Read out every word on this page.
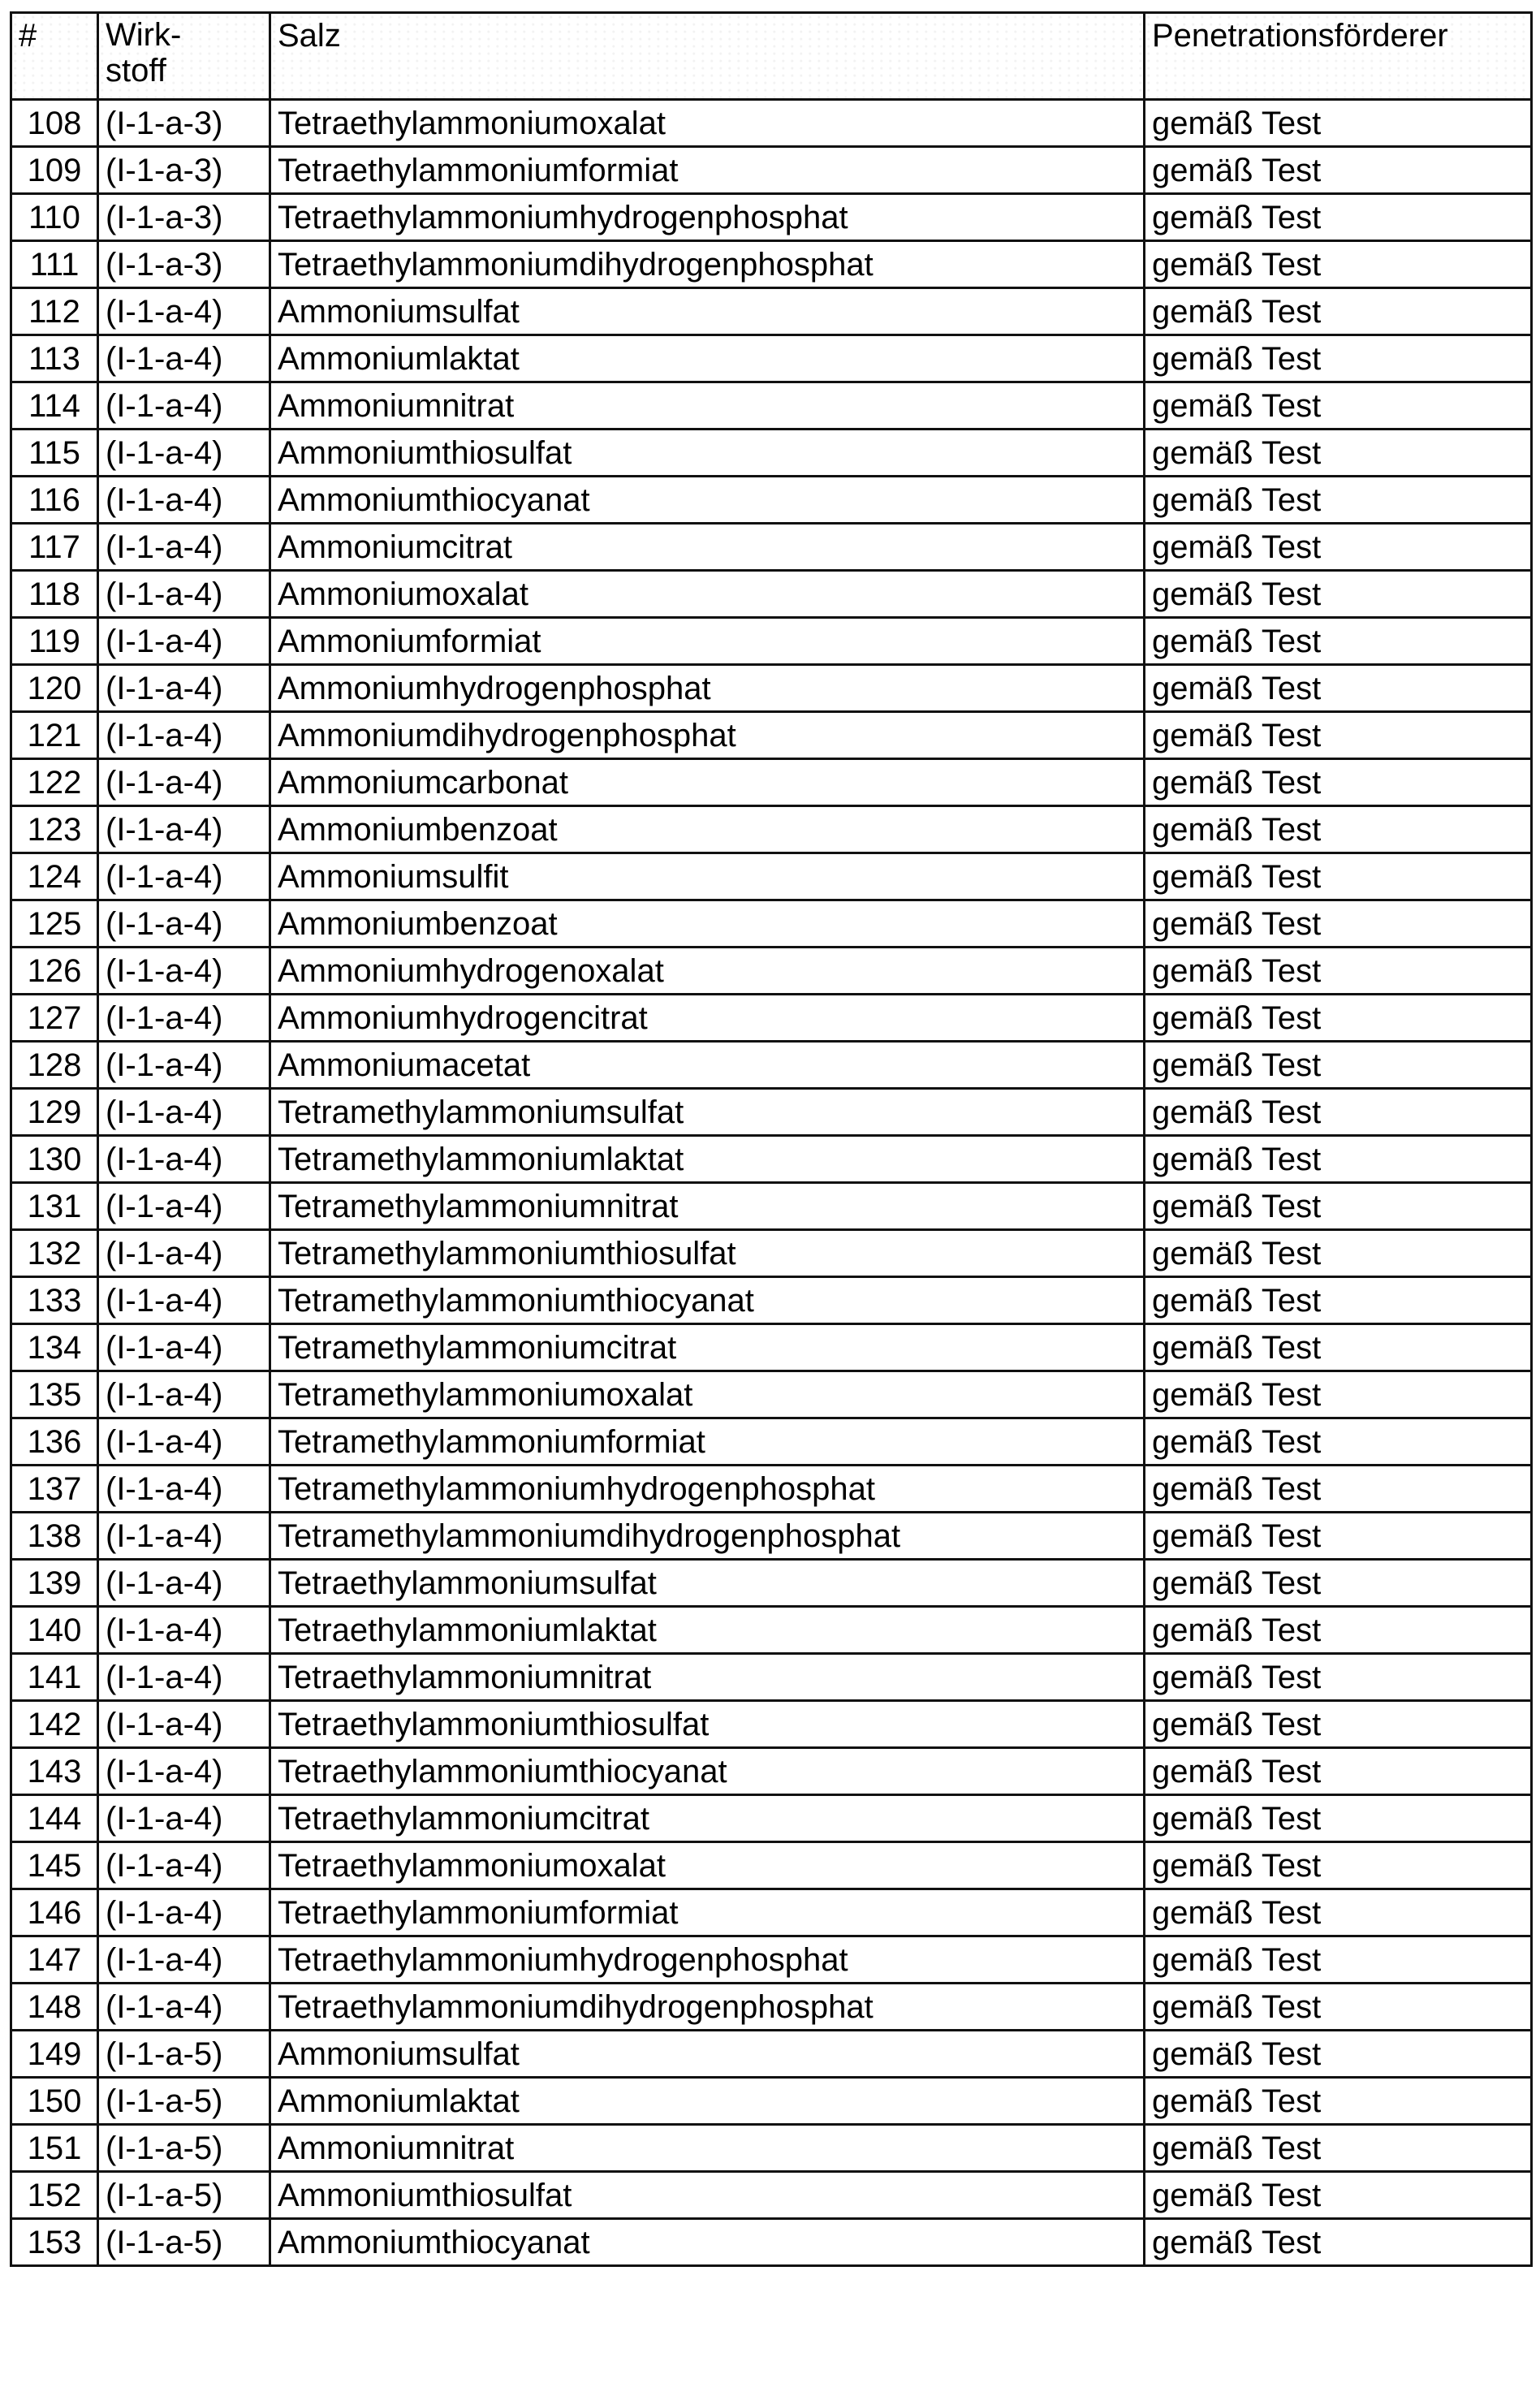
#	Wirk-
stoff	Salz	Penetrationsförderer
108	(I-1-a-3)	Tetraethylammoniumoxalat	gemäß Test
109	(I-1-a-3)	Tetraethylammoniumformiat	gemäß Test
110	(I-1-a-3)	Tetraethylammoniumhydrogenphosphat	gemäß Test
111	(I-1-a-3)	Tetraethylammoniumdihydrogenphosphat	gemäß Test
112	(I-1-a-4)	Ammoniumsulfat	gemäß Test
113	(I-1-a-4)	Ammoniumlaktat	gemäß Test
114	(I-1-a-4)	Ammoniumnitrat	gemäß Test
115	(I-1-a-4)	Ammoniumthiosulfat	gemäß Test
116	(I-1-a-4)	Ammoniumthiocyanat	gemäß Test
117	(I-1-a-4)	Ammoniumcitrat	gemäß Test
118	(I-1-a-4)	Ammoniumoxalat	gemäß Test
119	(I-1-a-4)	Ammoniumformiat	gemäß Test
120	(I-1-a-4)	Ammoniumhydrogenphosphat	gemäß Test
121	(I-1-a-4)	Ammoniumdihydrogenphosphat	gemäß Test
122	(I-1-a-4)	Ammoniumcarbonat	gemäß Test
123	(I-1-a-4)	Ammoniumbenzoat	gemäß Test
124	(I-1-a-4)	Ammoniumsulfit	gemäß Test
125	(I-1-a-4)	Ammoniumbenzoat	gemäß Test
126	(I-1-a-4)	Ammoniumhydrogenoxalat	gemäß Test
127	(I-1-a-4)	Ammoniumhydrogencitrat	gemäß Test
128	(I-1-a-4)	Ammoniumacetat	gemäß Test
129	(I-1-a-4)	Tetramethylammoniumsulfat	gemäß Test
130	(I-1-a-4)	Tetramethylammoniumlaktat	gemäß Test
131	(I-1-a-4)	Tetramethylammoniumnitrat	gemäß Test
132	(I-1-a-4)	Tetramethylammoniumthiosulfat	gemäß Test
133	(I-1-a-4)	Tetramethylammoniumthiocyanat	gemäß Test
134	(I-1-a-4)	Tetramethylammoniumcitrat	gemäß Test
135	(I-1-a-4)	Tetramethylammoniumoxalat	gemäß Test
136	(I-1-a-4)	Tetramethylammoniumformiat	gemäß Test
137	(I-1-a-4)	Tetramethylammoniumhydrogenphosphat	gemäß Test
138	(I-1-a-4)	Tetramethylammoniumdihydrogenphosphat	gemäß Test
139	(I-1-a-4)	Tetraethylammoniumsulfat	gemäß Test
140	(I-1-a-4)	Tetraethylammoniumlaktat	gemäß Test
141	(I-1-a-4)	Tetraethylammoniumnitrat	gemäß Test
142	(I-1-a-4)	Tetraethylammoniumthiosulfat	gemäß Test
143	(I-1-a-4)	Tetraethylammoniumthiocyanat	gemäß Test
144	(I-1-a-4)	Tetraethylammoniumcitrat	gemäß Test
145	(I-1-a-4)	Tetraethylammoniumoxalat	gemäß Test
146	(I-1-a-4)	Tetraethylammoniumformiat	gemäß Test
147	(I-1-a-4)	Tetraethylammoniumhydrogenphosphat	gemäß Test
148	(I-1-a-4)	Tetraethylammoniumdihydrogenphosphat	gemäß Test
149	(I-1-a-5)	Ammoniumsulfat	gemäß Test
150	(I-1-a-5)	Ammoniumlaktat	gemäß Test
151	(I-1-a-5)	Ammoniumnitrat	gemäß Test
152	(I-1-a-5)	Ammoniumthiosulfat	gemäß Test
153	(I-1-a-5)	Ammoniumthiocyanat	gemäß Test
